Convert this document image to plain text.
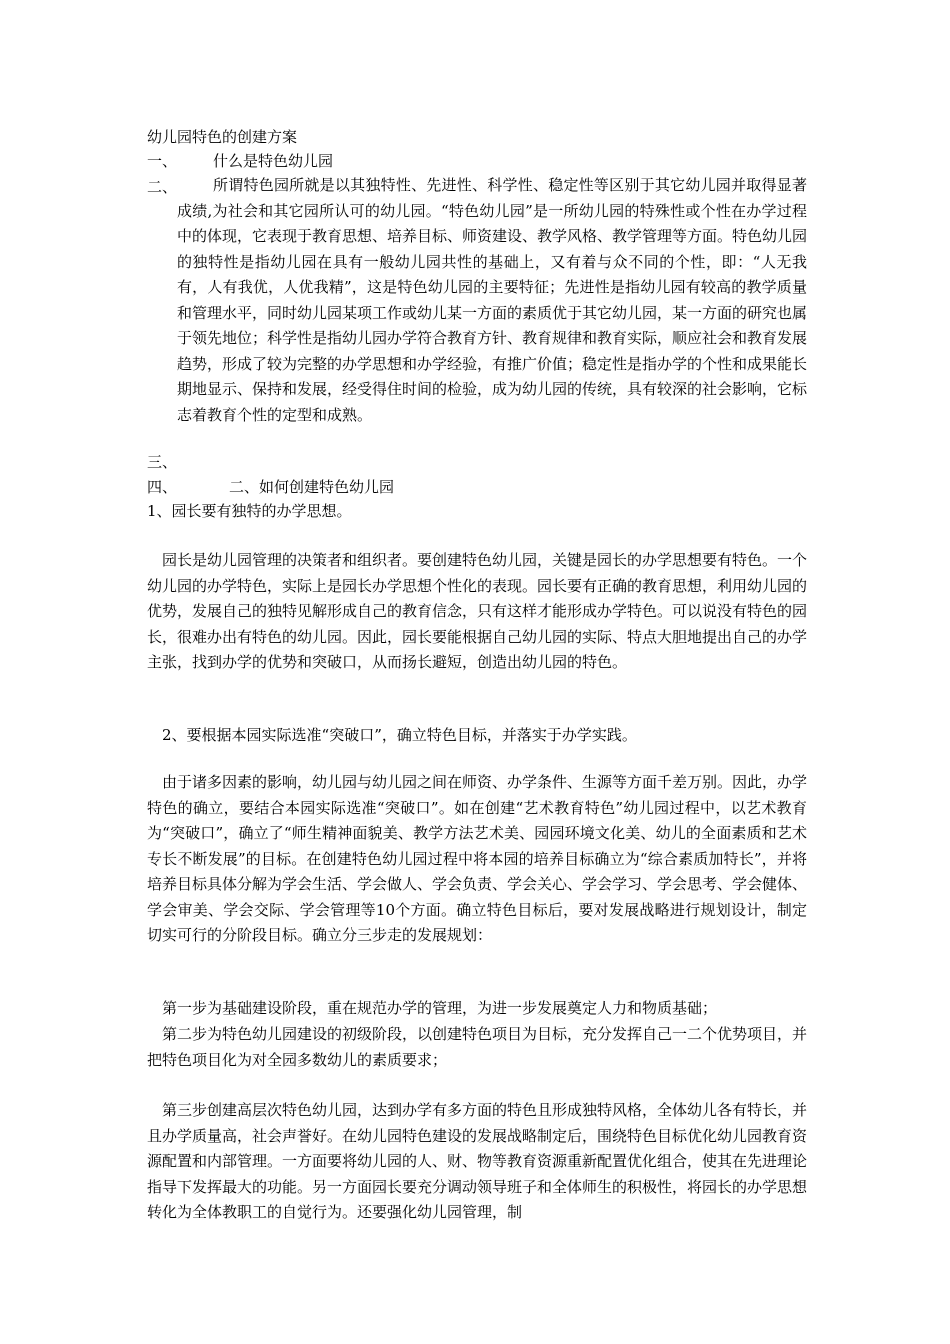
幼儿园特色的创建方案
一、 什么是特色幼儿园
二、	所谓特色园所就是以其独特性、先进性、科学性、稳定性等区别于其它幼儿园并取得显著成绩,为社会和其它园所认可的幼儿园。“特色幼儿园”是一所幼儿园的特殊性或个性在办学过程中的体现，它表现于教育思想、培养目标、师资建设、教学风格、教学管理等方面。特色幼儿园的独特性是指幼儿园在具有一般幼儿园共性的基础上，又有着与众不同的个性，即：“人无我有，人有我优，人优我精”，这是特色幼儿园的主要特征；先进性是指幼儿园有较高的教学质量和管理水平，同时幼儿园某项工作或幼儿某一方面的素质优于其它幼儿园，某一方面的研究也属于领先地位；科学性是指幼儿园办学符合教育方针、教育规律和教育实际，顺应社会和教育发展趋势，形成了较为完整的办学思想和办学经验，有推广价值；稳定性是指办学的个性和成果能长期地显示、保持和发展，经受得住时间的检验，成为幼儿园的传统，具有较深的社会影响，它标志着教育个性的定型和成熟。
三、
四、	二、如何创建特色幼儿园
1、园长要有独特的办学思想。
园长是幼儿园管理的决策者和组织者。要创建特色幼儿园，关键是园长的办学思想要有特色。一个幼儿园的办学特色，实际上是园长办学思想个性化的表现。园长要有正确的教育思想，利用幼儿园的优势，发展自己的独特见解形成自己的教育信念，只有这样才能形成办学特色。可以说没有特色的园长，很难办出有特色的幼儿园。因此，园长要能根据自己幼儿园的实际、特点大胆地提出自己的办学主张，找到办学的优势和突破口，从而扬长避短，创造出幼儿园的特色。
2、要根据本园实际选准“突破口”，确立特色目标，并落实于办学实践。
由于诸多因素的影响，幼儿园与幼儿园之间在师资、办学条件、生源等方面千差万别。因此，办学特色的确立，要结合本园实际选准“突破口”。如在创建“艺术教育特色”幼儿园过程中，以艺术教育为“突破口”，确立了“师生精神面貌美、教学方法艺术美、园园环境文化美、幼儿的全面素质和艺术专长不断发展”的目标。在创建特色幼儿园过程中将本园的培养目标确立为“综合素质加特长”，并将培养目标具体分解为学会生活、学会做人、学会负责、学会关心、学会学习、学会思考、学会健体、学会审美、学会交际、学会管理等10个方面。确立特色目标后，要对发展战略进行规划设计，制定切实可行的分阶段目标。确立分三步走的发展规划：
第一步为基础建设阶段，重在规范办学的管理，为进一步发展奠定人力和物质基础；
第二步为特色幼儿园建设的初级阶段，以创建特色项目为目标，充分发挥自己一二个优势项目，并把特色项目化为对全园多数幼儿的素质要求；
第三步创建高层次特色幼儿园，达到办学有多方面的特色且形成独特风格，全体幼儿各有特长，并且办学质量高，社会声誉好。在幼儿园特色建设的发展战略制定后，围绕特色目标优化幼儿园教育资源配置和内部管理。一方面要将幼儿园的人、财、物等教育资源重新配置优化组合，使其在先进理论指导下发挥最大的功能。另一方面园长要充分调动领导班子和全体师生的积极性，将园长的办学思想转化为全体教职工的自觉行为。还要强化幼儿园管理，制
